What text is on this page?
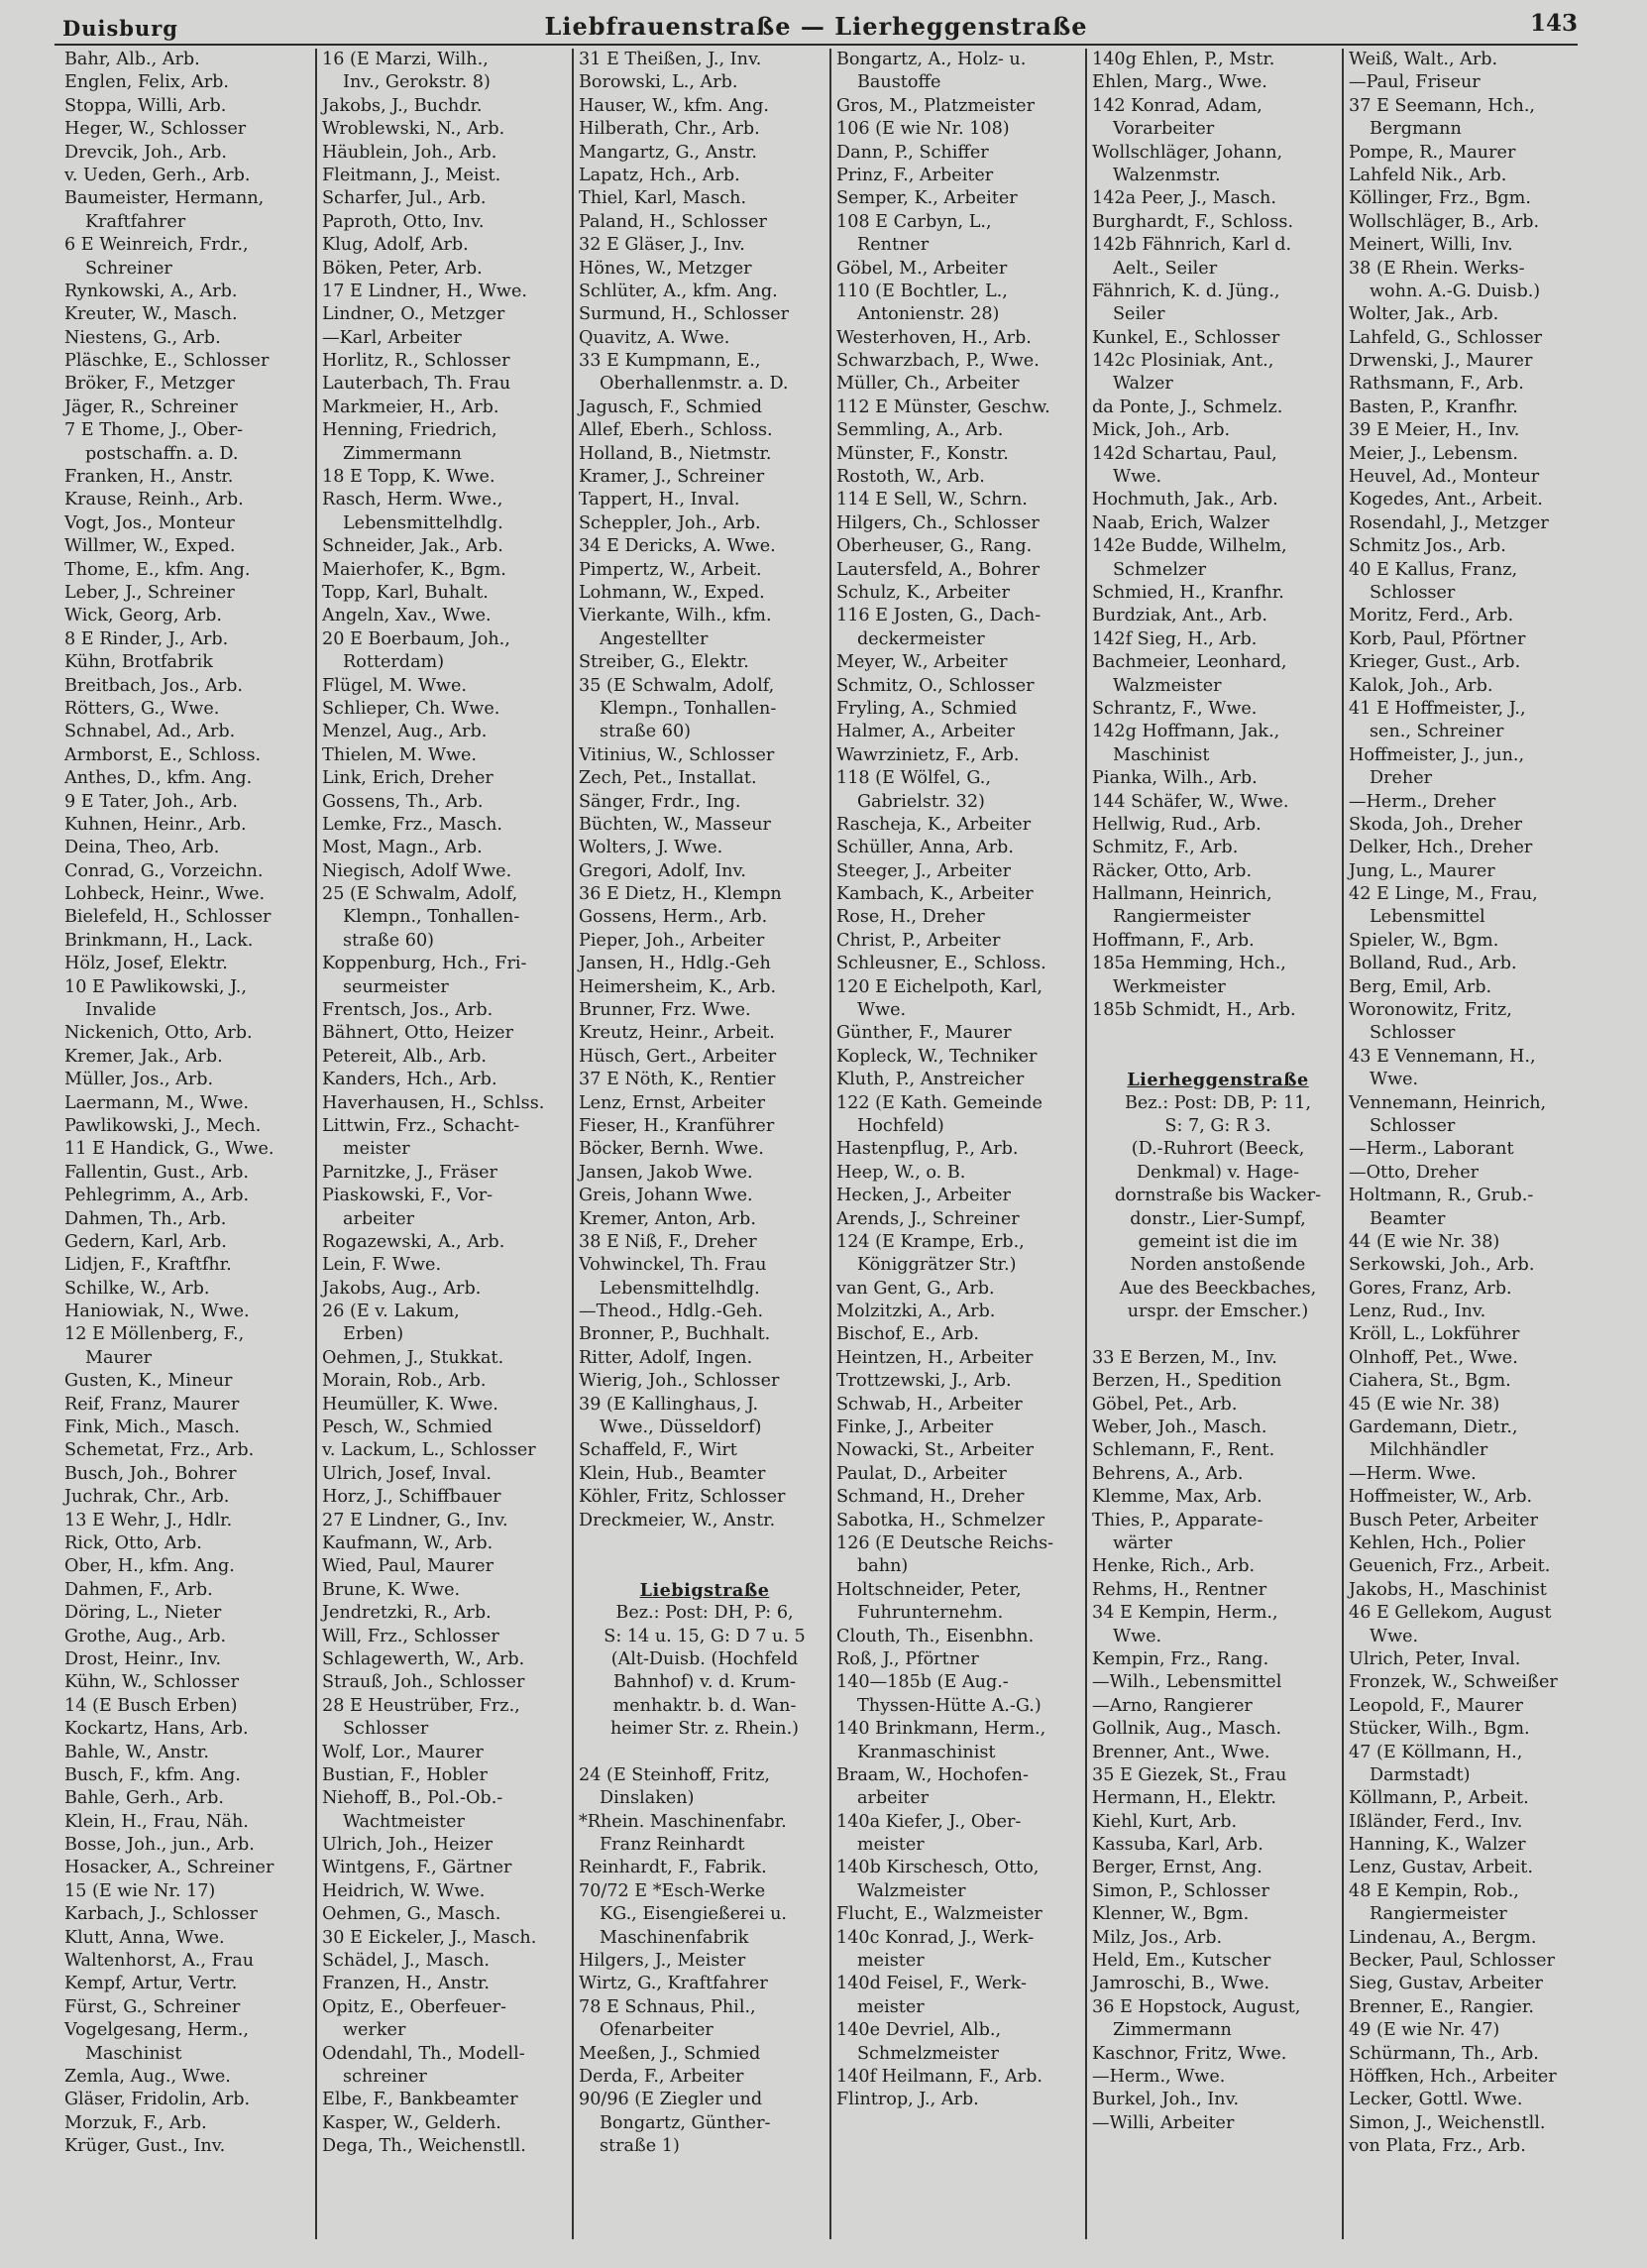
Duisburg	Liebfrauenstraße — Lierheggenstraße	143
Bahr, Alb., Arb.
Englen, Felix, Arb.
Stoppa, Willi, Arb.
Heger, W., Schlosser
Drevcik, Joh., Arb.
v. Ueden, Gerh., Arb.
Baumeister, Hermann,
Kraftfahrer
6 E Weinreich, Frdr.,
Schreiner
Rynkowski, A., Arb.
Kreuter, W., Masch.
Niestens, G., Arb.
Pläschke, E., Schlosser
Bröker, F., Metzger
Jäger, R., Schreiner
7 E Thome, J., Ober-
postschaffn. a. D.
Franken, H., Anstr.
Krause, Reinh., Arb.
Vogt, Jos., Monteur
Willmer, W., Exped.
Thome, E., kfm. Ang.
Leber, J., Schreiner
Wick, Georg, Arb.
8 E Rinder, J., Arb.
Kühn, Brotfabrik
Breitbach, Jos., Arb.
Rötters, G., Wwe.
Schnabel, Ad., Arb.
Armborst, E., Schloss.
Anthes, D., kfm. Ang.
9 E Tater, Joh., Arb.
Kuhnen, Heinr., Arb.
Deina, Theo, Arb.
Conrad, G., Vorzeichn.
Lohbeck, Heinr., Wwe.
Bielefeld, H., Schlosser
Brinkmann, H., Lack.
Hölz, Josef, Elektr.
10 E Pawlikowski, J.,
Invalide
Nickenich, Otto, Arb.
Kremer, Jak., Arb.
Müller, Jos., Arb.
Laermann, M., Wwe.
Pawlikowski, J., Mech.
11 E Handick, G., Wwe.
Fallentin, Gust., Arb.
Pehlegrimm, A., Arb.
Dahmen, Th., Arb.
Gedern, Karl, Arb.
Lidjen, F., Kraftfhr.
Schilke, W., Arb.
Haniowiak, N., Wwe.
12 E Möllenberg, F.,
Maurer
Gusten, K., Mineur
Reif, Franz, Maurer
Fink, Mich., Masch.
Schemetat, Frz., Arb.
Busch, Joh., Bohrer
Juchrak, Chr., Arb.
13 E Wehr, J., Hdlr.
Rick, Otto, Arb.
Ober, H., kfm. Ang.
Dahmen, F., Arb.
Döring, L., Nieter
Grothe, Aug., Arb.
Drost, Heinr., Inv.
Kühn, W., Schlosser
14 (E Busch Erben)
Kockartz, Hans, Arb.
Bahle, W., Anstr.
Busch, F., kfm. Ang.
Bahle, Gerh., Arb.
Klein, H., Frau, Näh.
Bosse, Joh., jun., Arb.
Hosacker, A., Schreiner
15 (E wie Nr. 17)
Karbach, J., Schlosser
Klutt, Anna, Wwe.
Waltenhorst, A., Frau
Kempf, Artur, Vertr.
Fürst, G., Schreiner
Vogelgesang, Herm.,
Maschinist
Zemla, Aug., Wwe.
Gläser, Fridolin, Arb.
Morzuk, F., Arb.
Krüger, Gust., Inv.
16 (E Marzi, Wilh.,
Inv., Gerokstr. 8)
Jakobs, J., Buchdr.
Wroblewski, N., Arb.
Häublein, Joh., Arb.
Fleitmann, J., Meist.
Scharfer, Jul., Arb.
Paproth, Otto, Inv.
Klug, Adolf, Arb.
Böken, Peter, Arb.
17 E Lindner, H., Wwe.
Lindner, O., Metzger
—Karl, Arbeiter
Horlitz, R., Schlosser
Lauterbach, Th. Frau
Markmeier, H., Arb.
Henning, Friedrich,
Zimmermann
18 E Topp, K. Wwe.
Rasch, Herm. Wwe.,
Lebensmittelhdlg.
Schneider, Jak., Arb.
Maierhofer, K., Bgm.
Topp, Karl, Buhalt.
Angeln, Xav., Wwe.
20 E Boerbaum, Joh.,
Rotterdam)
Flügel, M. Wwe.
Schlieper, Ch. Wwe.
Menzel, Aug., Arb.
Thielen, M. Wwe.
Link, Erich, Dreher
Gossens, Th., Arb.
Lemke, Frz., Masch.
Most, Magn., Arb.
Niegisch, Adolf Wwe.
25 (E Schwalm, Adolf,
Klempn., Tonhallen-
straße 60)
Koppenburg, Hch., Fri-
seurmeister
Frentsch, Jos., Arb.
Bähnert, Otto, Heizer
Petereit, Alb., Arb.
Kanders, Hch., Arb.
Haverhausen, H., Schlss.
Littwin, Frz., Schacht-
meister
Parnitzke, J., Fräser
Piaskowski, F., Vor-
arbeiter
Rogazewski, A., Arb.
Lein, F. Wwe.
Jakobs, Aug., Arb.
26 (E v. Lakum,
Erben)
Oehmen, J., Stukkat.
Morain, Rob., Arb.
Heumüller, K. Wwe.
Pesch, W., Schmied
v. Lackum, L., Schlosser
Ulrich, Josef, Inval.
Horz, J., Schiffbauer
27 E Lindner, G., Inv.
Kaufmann, W., Arb.
Wied, Paul, Maurer
Brune, K. Wwe.
Jendretzki, R., Arb.
Will, Frz., Schlosser
Schlagewerth, W., Arb.
Strauß, Joh., Schlosser
28 E Heustrüber, Frz.,
Schlosser
Wolf, Lor., Maurer
Bustian, F., Hobler
Niehoff, B., Pol.-Ob.-
Wachtmeister
Ulrich, Joh., Heizer
Wintgens, F., Gärtner
Heidrich, W. Wwe.
Oehmen, G., Masch.
30 E Eickeler, J., Masch.
Schädel, J., Masch.
Franzen, H., Anstr.
Opitz, E., Oberfeuer-
werker
Odendahl, Th., Modell-
schreiner
Elbe, F., Bankbeamter
Kasper, W., Gelderh.
Dega, Th., Weichenstll.
31 E Theißen, J., Inv.
Borowski, L., Arb.
Hauser, W., kfm. Ang.
Hilberath, Chr., Arb.
Mangartz, G., Anstr.
Lapatz, Hch., Arb.
Thiel, Karl, Masch.
Paland, H., Schlosser
32 E Gläser, J., Inv.
Hönes, W., Metzger
Schlüter, A., kfm. Ang.
Surmund, H., Schlosser
Quavitz, A. Wwe.
33 E Kumpmann, E.,
Oberhallenmstr. a. D.
Jagusch, F., Schmied
Allef, Eberh., Schloss.
Holland, B., Nietmstr.
Kramer, J., Schreiner
Tappert, H., Inval.
Scheppler, Joh., Arb.
34 E Dericks, A. Wwe.
Pimpertz, W., Arbeit.
Lohmann, W., Exped.
Vierkante, Wilh., kfm.
Angestellter
Streiber, G., Elektr.
35 (E Schwalm, Adolf,
Klempn., Tonhallen-
straße 60)
Vitinius, W., Schlosser
Zech, Pet., Installat.
Sänger, Frdr., Ing.
Büchten, W., Masseur
Wolters, J. Wwe.
Gregori, Adolf, Inv.
36 E Dietz, H., Klempn
Gossens, Herm., Arb.
Pieper, Joh., Arbeiter
Jansen, H., Hdlg.-Geh
Heimersheim, K., Arb.
Brunner, Frz. Wwe.
Kreutz, Heinr., Arbeit.
Hüsch, Gert., Arbeiter
37 E Nöth, K., Rentier
Lenz, Ernst, Arbeiter
Fieser, H., Kranführer
Böcker, Bernh. Wwe.
Jansen, Jakob Wwe.
Greis, Johann Wwe.
Kremer, Anton, Arb.
38 E Niß, F., Dreher
Vohwinckel, Th. Frau
Lebensmittelhdlg.
—Theod., Hdlg.-Geh.
Bronner, P., Buchhalt.
Ritter, Adolf, Ingen.
Wierig, Joh., Schlosser
39 (E Kallinghaus, J.
Wwe., Düsseldorf)
Schaffeld, F., Wirt
Klein, Hub., Beamter
Köhler, Fritz, Schlosser
Dreckmeier, W., Anstr.
Liebigstraße
Bez.: Post: DH, P: 6,
S: 14 u. 15, G: D 7 u. 5
(Alt-Duisb. (Hochfeld
Bahnhof) v. d. Krum-
menhaktr. b. d. Wan-
heimer Str. z. Rhein.)
24 (E Steinhoff, Fritz,
Dinslaken)
*Rhein. Maschinenfabr.
Franz Reinhardt
Reinhardt, F., Fabrik.
70/72 E *Esch-Werke
KG., Eisengießerei u.
Maschinenfabrik
Hilgers, J., Meister
Wirtz, G., Kraftfahrer
78 E Schnaus, Phil.,
Ofenarbeiter
Meeßen, J., Schmied
Derda, F., Arbeiter
90/96 (E Ziegler und
Bongartz, Günther-
straße 1)
Bongartz, A., Holz- u.
Baustoffe
Gros, M., Platzmeister
106 (E wie Nr. 108)
Dann, P., Schiffer
Prinz, F., Arbeiter
Semper, K., Arbeiter
108 E Carbyn, L.,
Rentner
Göbel, M., Arbeiter
110 (E Bochtler, L.,
Antonienstr. 28)
Westerhoven, H., Arb.
Schwarzbach, P., Wwe.
Müller, Ch., Arbeiter
112 E Münster, Geschw.
Semmling, A., Arb.
Münster, F., Konstr.
Rostoth, W., Arb.
114 E Sell, W., Schrn.
Hilgers, Ch., Schlosser
Oberheuser, G., Rang.
Lautersfeld, A., Bohrer
Schulz, K., Arbeiter
116 E Josten, G., Dach-
deckermeister
Meyer, W., Arbeiter
Schmitz, O., Schlosser
Fryling, A., Schmied
Halmer, A., Arbeiter
Wawrzinietz, F., Arb.
118 (E Wölfel, G.,
Gabrielstr. 32)
Rascheja, K., Arbeiter
Schüller, Anna, Arb.
Steeger, J., Arbeiter
Kambach, K., Arbeiter
Rose, H., Dreher
Christ, P., Arbeiter
Schleusner, E., Schloss.
120 E Eichelpoth, Karl,
Wwe.
Günther, F., Maurer
Kopleck, W., Techniker
Kluth, P., Anstreicher
122 (E Kath. Gemeinde
Hochfeld)
Hastenpflug, P., Arb.
Heep, W., o. B.
Hecken, J., Arbeiter
Arends, J., Schreiner
124 (E Krampe, Erb.,
Königgrätzer Str.)
van Gent, G., Arb.
Molzitzki, A., Arb.
Bischof, E., Arb.
Heintzen, H., Arbeiter
Trottzewski, J., Arb.
Schwab, H., Arbeiter
Finke, J., Arbeiter
Nowacki, St., Arbeiter
Paulat, D., Arbeiter
Schmand, H., Dreher
Sabotka, H., Schmelzer
126 (E Deutsche Reichs-
bahn)
Holtschneider, Peter,
Fuhrunternehm.
Clouth, Th., Eisenbhn.
Roß, J., Pförtner
140—185b (E Aug.-
Thyssen-Hütte A.-G.)
140 Brinkmann, Herm.,
Kranmaschinist
Braam, W., Hochofen-
arbeiter
140a Kiefer, J., Ober-
meister
140b Kirschesch, Otto,
Walzmeister
Flucht, E., Walzmeister
140c Konrad, J., Werk-
meister
140d Feisel, F., Werk-
meister
140e Devriel, Alb.,
Schmelzmeister
140f Heilmann, F., Arb.
Flintrop, J., Arb.
140g Ehlen, P., Mstr.
Ehlen, Marg., Wwe.
142 Konrad, Adam,
Vorarbeiter
Wollschläger, Johann,
Walzenmstr.
142a Peer, J., Masch.
Burghardt, F., Schloss.
142b Fähnrich, Karl d.
Aelt., Seiler
Fähnrich, K. d. Jüng.,
Seiler
Kunkel, E., Schlosser
142c Plosiniak, Ant.,
Walzer
da Ponte, J., Schmelz.
Mick, Joh., Arb.
142d Schartau, Paul,
Wwe.
Hochmuth, Jak., Arb.
Naab, Erich, Walzer
142e Budde, Wilhelm,
Schmelzer
Schmied, H., Kranfhr.
Burdziak, Ant., Arb.
142f Sieg, H., Arb.
Bachmeier, Leonhard,
Walzmeister
Schrantz, F., Wwe.
142g Hoffmann, Jak.,
Maschinist
Pianka, Wilh., Arb.
144 Schäfer, W., Wwe.
Hellwig, Rud., Arb.
Schmitz, F., Arb.
Räcker, Otto, Arb.
Hallmann, Heinrich,
Rangiermeister
Hoffmann, F., Arb.
185a Hemming, Hch.,
Werkmeister
185b Schmidt, H., Arb.
Lierheggenstraße
Bez.: Post: DB, P: 11,
S: 7, G: R 3.
(D.-Ruhrort (Beeck,
Denkmal) v. Hage-
dornstraße bis Wacker-
donstr., Lier-Sumpf,
gemeint ist die im
Norden anstoßende
Aue des Beeckbaches,
urspr. der Emscher.)
33 E Berzen, M., Inv.
Berzen, H., Spedition
Göbel, Pet., Arb.
Weber, Joh., Masch.
Schlemann, F., Rent.
Behrens, A., Arb.
Klemme, Max, Arb.
Thies, P., Apparate-
wärter
Henke, Rich., Arb.
Rehms, H., Rentner
34 E Kempin, Herm.,
Wwe.
Kempin, Frz., Rang.
—Wilh., Lebensmittel
—Arno, Rangierer
Gollnik, Aug., Masch.
Brenner, Ant., Wwe.
35 E Giezek, St., Frau
Hermann, H., Elektr.
Kiehl, Kurt, Arb.
Kassuba, Karl, Arb.
Berger, Ernst, Ang.
Simon, P., Schlosser
Klenner, W., Bgm.
Milz, Jos., Arb.
Held, Em., Kutscher
Jamroschi, B., Wwe.
36 E Hopstock, August,
Zimmermann
Kaschnor, Fritz, Wwe.
—Herm., Wwe.
Burkel, Joh., Inv.
—Willi, Arbeiter
Weiß, Walt., Arb.
—Paul, Friseur
37 E Seemann, Hch.,
Bergmann
Pompe, R., Maurer
Lahfeld Nik., Arb.
Köllinger, Frz., Bgm.
Wollschläger, B., Arb.
Meinert, Willi, Inv.
38 (E Rhein. Werks-
wohn. A.-G. Duisb.)
Wolter, Jak., Arb.
Lahfeld, G., Schlosser
Drwenski, J., Maurer
Rathsmann, F., Arb.
Basten, P., Kranfhr.
39 E Meier, H., Inv.
Meier, J., Lebensm.
Heuvel, Ad., Monteur
Kogedes, Ant., Arbeit.
Rosendahl, J., Metzger
Schmitz Jos., Arb.
40 E Kallus, Franz,
Schlosser
Moritz, Ferd., Arb.
Korb, Paul, Pförtner
Krieger, Gust., Arb.
Kalok, Joh., Arb.
41 E Hoffmeister, J.,
sen., Schreiner
Hoffmeister, J., jun.,
Dreher
—Herm., Dreher
Skoda, Joh., Dreher
Delker, Hch., Dreher
Jung, L., Maurer
42 E Linge, M., Frau,
Lebensmittel
Spieler, W., Bgm.
Bolland, Rud., Arb.
Berg, Emil, Arb.
Woronowitz, Fritz,
Schlosser
43 E Vennemann, H.,
Wwe.
Vennemann, Heinrich,
Schlosser
—Herm., Laborant
—Otto, Dreher
Holtmann, R., Grub.-
Beamter
44 (E wie Nr. 38)
Serkowski, Joh., Arb.
Gores, Franz, Arb.
Lenz, Rud., Inv.
Kröll, L., Lokführer
Olnhoff, Pet., Wwe.
Ciahera, St., Bgm.
45 (E wie Nr. 38)
Gardemann, Dietr.,
Milchhändler
—Herm. Wwe.
Hoffmeister, W., Arb.
Busch Peter, Arbeiter
Kehlen, Hch., Polier
Geuenich, Frz., Arbeit.
Jakobs, H., Maschinist
46 E Gellekom, August
Wwe.
Ulrich, Peter, Inval.
Fronzek, W., Schweißer
Leopold, F., Maurer
Stücker, Wilh., Bgm.
47 (E Köllmann, H.,
Darmstadt)
Köllmann, P., Arbeit.
Ißländer, Ferd., Inv.
Hanning, K., Walzer
Lenz, Gustav, Arbeit.
48 E Kempin, Rob.,
Rangiermeister
Lindenau, A., Bergm.
Becker, Paul, Schlosser
Sieg, Gustav, Arbeiter
Brenner, E., Rangier.
49 (E wie Nr. 47)
Schürmann, Th., Arb.
Höffken, Hch., Arbeiter
Lecker, Gottl. Wwe.
Simon, J., Weichenstll.
von Plata, Frz., Arb.
